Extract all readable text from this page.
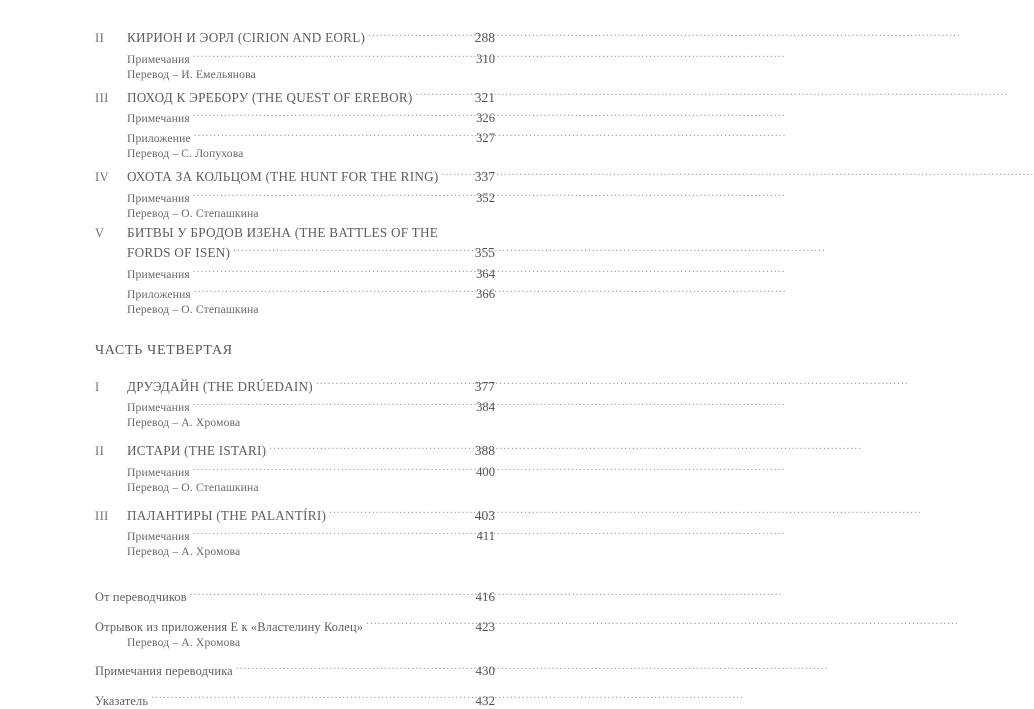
II	КИРИОН И ЭОРЛ (CIRION AND EORL) .....	288
Примечания .....	310
Перевод – И. Емельянова
III	ПОХОД К ЭРЕБОРУ (THE QUEST OF EREBOR) .....	321
Примечания .....	326
Приложение .....	327
Перевод – С. Лопухова
IV	ОХОТА ЗА КОЛЬЦОМ (THE HUNT FOR THE RING) .....	337
Примечания .....	352
Перевод – О. Степашкина
V	БИТВЫ У БРОДОВ ИЗЕНА (THE BATTLES OF THE
FORDS OF ISEN) .....	355
Примечания .....	364
Приложения .....	366
Перевод – О. Степашкина
ЧАСТЬ ЧЕТВЕРТАЯ
I	ДРУЭДАЙН (THE DRÚEDAIN) .....	377
Примечания .....	384
Перевод – А. Хромова
II	ИСТАРИ (THE ISTARI) .....	388
Примечания .....	400
Перевод – О. Степашкина
III	ПАЛАНТИРЫ (THE PALANTÍRI) .....	403
Примечания .....	411
Перевод – А. Хромова
От переводчиков .....	416
Отрывок из приложения Е к «Властелину Колец» .....	423
Перевод – А. Хромова
Примечания переводчика .....	430
Указатель .....	432
